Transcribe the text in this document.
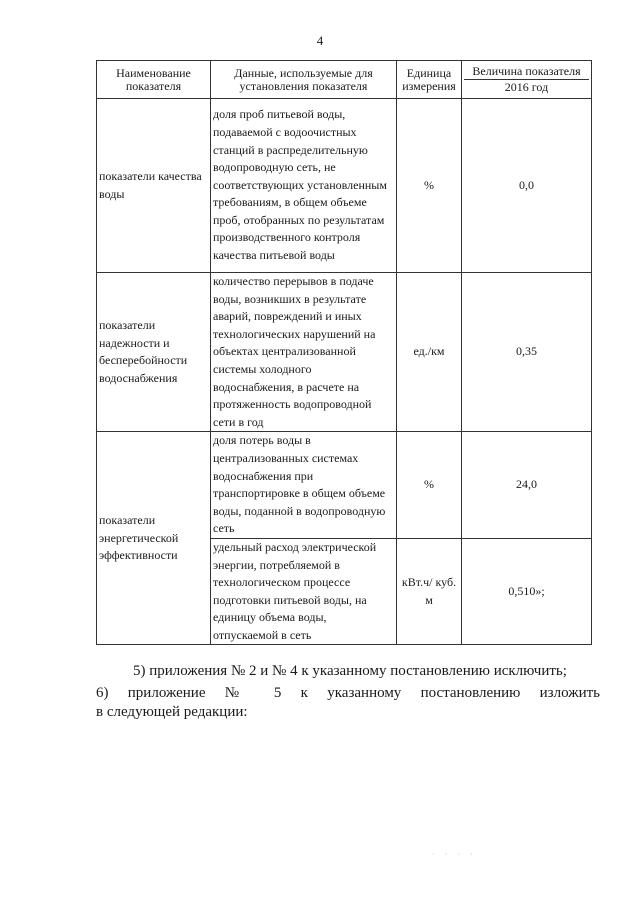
4
Наименование показателя	Данные, используемые для установления показателя	Единица измерения	Величина показателя
2016 год

показатели качества воды	доля проб питьевой воды, подаваемой с водоочистных станций в распределительную водопроводную сеть, не соответствующих установленным требованиям, в общем объеме проб, отобранных по результатам производственного контроля качества питьевой воды	%	0,0
показатели надежности и бесперебойности водоснабжения	количество перерывов в подаче воды, возникших в результате аварий, повреждений и иных технологических нарушений на объектах централизованной системы холодного водоснабжения, в расчете на протяженность водопроводной сети в год	ед./км	0,35
показатели энергетической эффективности	доля потерь воды в централизованных системах водоснабжения при транспортировке в общем объеме воды, поданной в водопроводную сеть	%	24,0
	удельный расход электрической энергии, потребляемой в технологическом процессе подготовки питьевой воды, на единицу объема воды, отпускаемой в сеть	кВт.ч/ куб. м	0,510»;
5) приложения № 2 и № 4 к указанному постановлению исключить;
6) приложение № 5 к указанному постановлению изложить
в следующей редакции:
· · · ·
